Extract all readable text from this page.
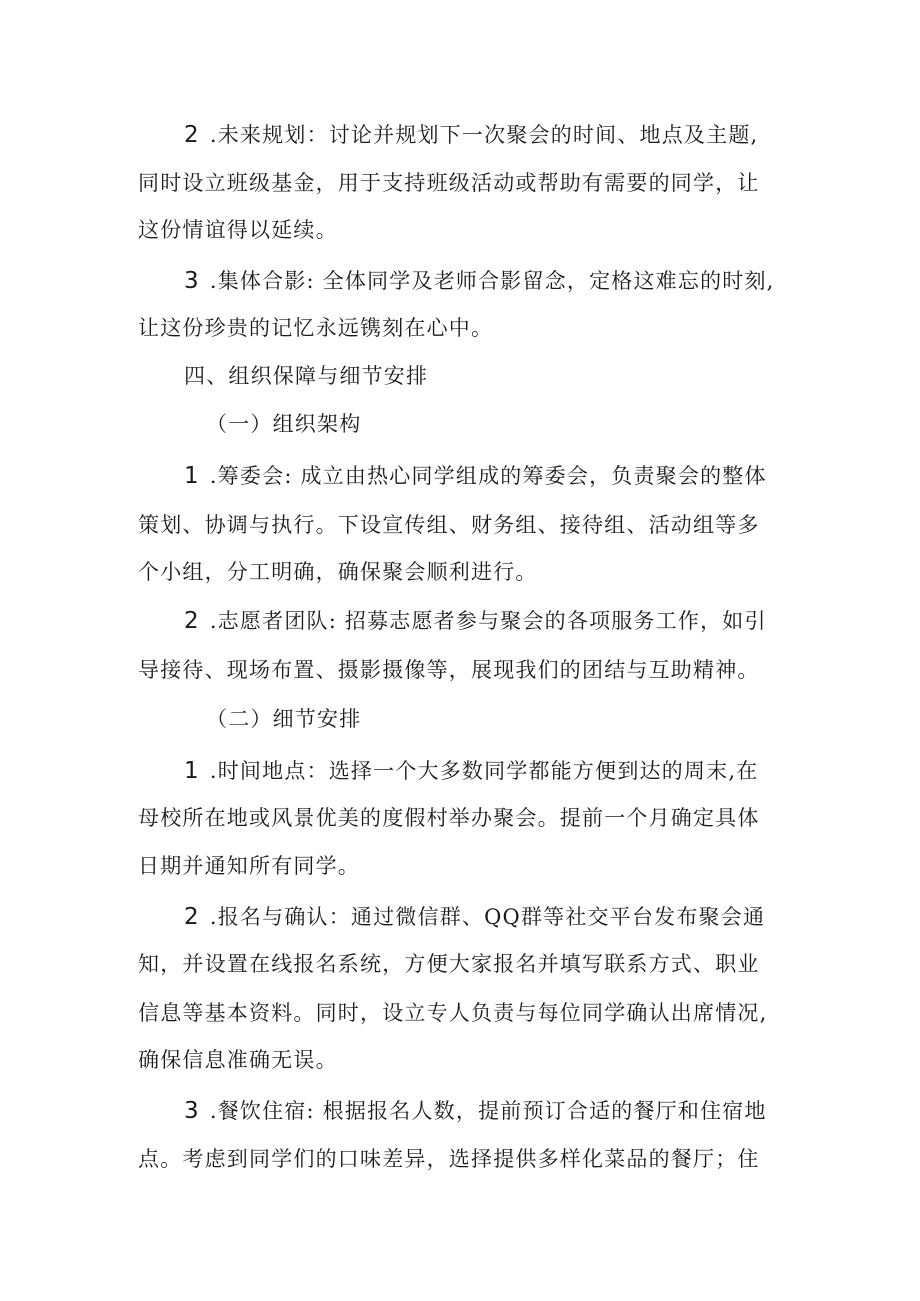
2 .未来规划：讨论并规划下一次聚会的时间、地点及主题,
同时设立班级基金，用于支持班级活动或帮助有需要的同学，让
这份情谊得以延续。
3 .集体合影: 全体同学及老师合影留念，定格这难忘的时刻,
让这份珍贵的记忆永远镌刻在心中。
四、组织保障与细节安排
（一）组织架构
1 .筹委会: 成立由热心同学组成的筹委会，负责聚会的整体
策划、协调与执行。下设宣传组、财务组、接待组、活动组等多
个小组，分工明确，确保聚会顺利进行。
2 .志愿者团队: 招募志愿者参与聚会的各项服务工作，如引
导接待、现场布置、摄影摄像等，展现我们的团结与互助精神。
（二）细节安排
1 .时间地点：选择一个大多数同学都能方便到达的周末,在
母校所在地或风景优美的度假村举办聚会。提前一个月确定具体
日期并通知所有同学。
2 .报名与确认：通过微信群、QQ群等社交平台发布聚会通
知，并设置在线报名系统，方便大家报名并填写联系方式、职业
信息等基本资料。同时，设立专人负责与每位同学确认出席情况,
确保信息准确无误。
3 .餐饮住宿: 根据报名人数，提前预订合适的餐厅和住宿地
点。考虑到同学们的口味差异，选择提供多样化菜品的餐厅；住
